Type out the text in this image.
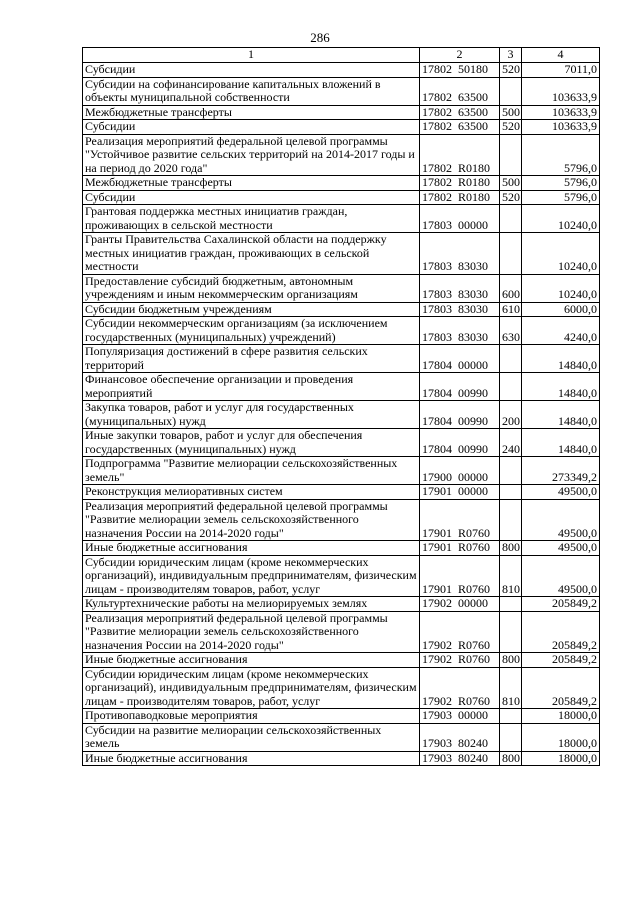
286
1	2	3	4
Субсидии	17802 50180	520	7011,0
Субсидии на софинансирование капитальных вложений в объекты муниципальной собственности	17802 63500		103633,9
Межбюджетные трансферты	17802 63500	500	103633,9
Субсидии	17802 63500	520	103633,9
Реализация мероприятий федеральной целевой программы "Устойчивое развитие сельских территорий на 2014-2017 годы и на период до 2020 года"	17802 R0180		5796,0
Межбюджетные трансферты	17802 R0180	500	5796,0
Субсидии	17802 R0180	520	5796,0
Грантовая поддержка местных инициатив граждан, проживающих в сельской местности	17803 00000		10240,0
Гранты Правительства Сахалинской области на поддержку местных инициатив граждан, проживающих в сельской местности	17803 83030		10240,0
Предоставление субсидий бюджетным, автономным учреждениям и иным некоммерческим организациям	17803 83030	600	10240,0
Субсидии бюджетным учреждениям	17803 83030	610	6000,0
Субсидии некоммерческим организациям (за исключением государственных (муниципальных) учреждений)	17803 83030	630	4240,0
Популяризация достижений в сфере развития сельских территорий	17804 00000		14840,0
Финансовое обеспечение организации и проведения мероприятий	17804 00990		14840,0
Закупка товаров, работ и услуг для государственных (муниципальных) нужд	17804 00990	200	14840,0
Иные закупки товаров, работ и услуг для обеспечения государственных (муниципальных) нужд	17804 00990	240	14840,0
Подпрограмма "Развитие мелиорации сельскохозяйственных земель"	17900 00000		273349,2
Реконструкция мелиоративных систем	17901 00000		49500,0
Реализация мероприятий федеральной целевой программы "Развитие мелиорации земель сельскохозяйственного назначения России на 2014-2020 годы"	17901 R0760		49500,0
Иные бюджетные ассигнования	17901 R0760	800	49500,0
Субсидии юридическим лицам (кроме некоммерческих организаций), индивидуальным предпринимателям, физическим лицам - производителям товаров, работ, услуг	17901 R0760	810	49500,0
Культуртехнические работы на мелиорируемых землях	17902 00000		205849,2
Реализация мероприятий федеральной целевой программы "Развитие мелиорации земель сельскохозяйственного назначения России на 2014-2020 годы"	17902 R0760		205849,2
Иные бюджетные ассигнования	17902 R0760	800	205849,2
Субсидии юридическим лицам (кроме некоммерческих организаций), индивидуальным предпринимателям, физическим лицам - производителям товаров, работ, услуг	17902 R0760	810	205849,2
Противопаводковые мероприятия	17903 00000		18000,0
Субсидии на развитие мелиорации сельскохозяйственных земель	17903 80240		18000,0
Иные бюджетные ассигнования	17903 80240	800	18000,0
